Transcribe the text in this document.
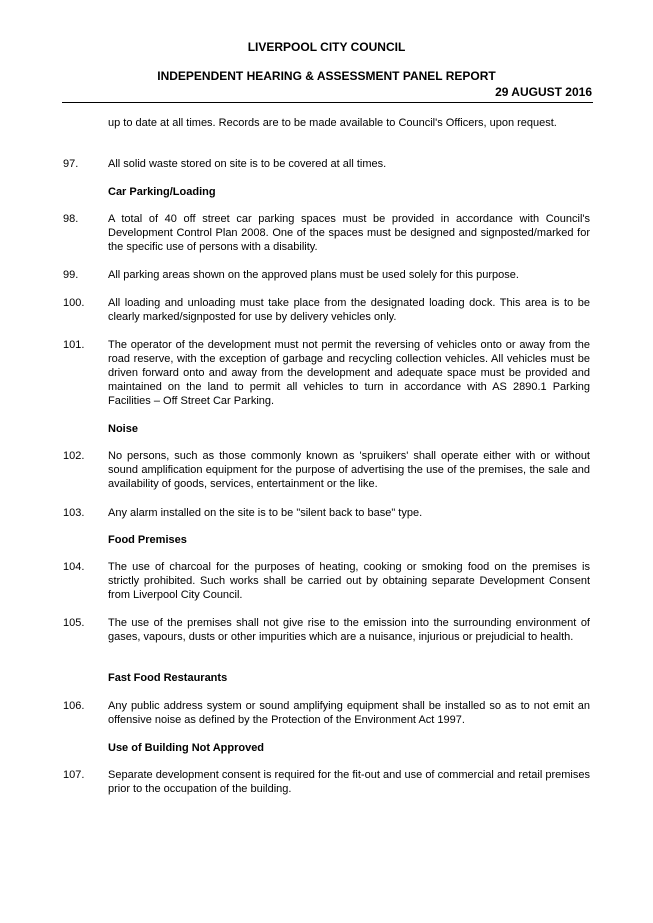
LIVERPOOL CITY COUNCIL
INDEPENDENT HEARING & ASSESSMENT PANEL REPORT
29 AUGUST 2016
up to date at all times. Records are to be made available to Council's Officers, upon request.
97.	All solid waste stored on site is to be covered at all times.
Car Parking/Loading
98.	A total of 40 off street car parking spaces must be provided in accordance with Council's Development Control Plan 2008. One of the spaces must be designed and signposted/marked for the specific use of persons with a disability.
99.	All parking areas shown on the approved plans must be used solely for this purpose.
100.	All loading and unloading must take place from the designated loading dock. This area is to be clearly marked/signposted for use by delivery vehicles only.
101.	The operator of the development must not permit the reversing of vehicles onto or away from the road reserve, with the exception of garbage and recycling collection vehicles. All vehicles must be driven forward onto and away from the development and adequate space must be provided and maintained on the land to permit all vehicles to turn in accordance with AS 2890.1 Parking Facilities – Off Street Car Parking.
Noise
102.	No persons, such as those commonly known as 'spruikers' shall operate either with or without sound amplification equipment for the purpose of advertising the use of the premises, the sale and availability of goods, services, entertainment or the like.
103.	Any alarm installed on the site is to be "silent back to base" type.
Food Premises
104.	The use of charcoal for the purposes of heating, cooking or smoking food on the premises is strictly prohibited. Such works shall be carried out by obtaining separate Development Consent from Liverpool City Council.
105.	The use of the premises shall not give rise to the emission into the surrounding environment of gases, vapours, dusts or other impurities which are a nuisance, injurious or prejudicial to health.
Fast Food Restaurants
106.	Any public address system or sound amplifying equipment shall be installed so as to not emit an offensive noise as defined by the Protection of the Environment Act 1997.
Use of Building Not Approved
107.	Separate development consent is required for the fit-out and use of commercial and retail premises prior to the occupation of the building.
